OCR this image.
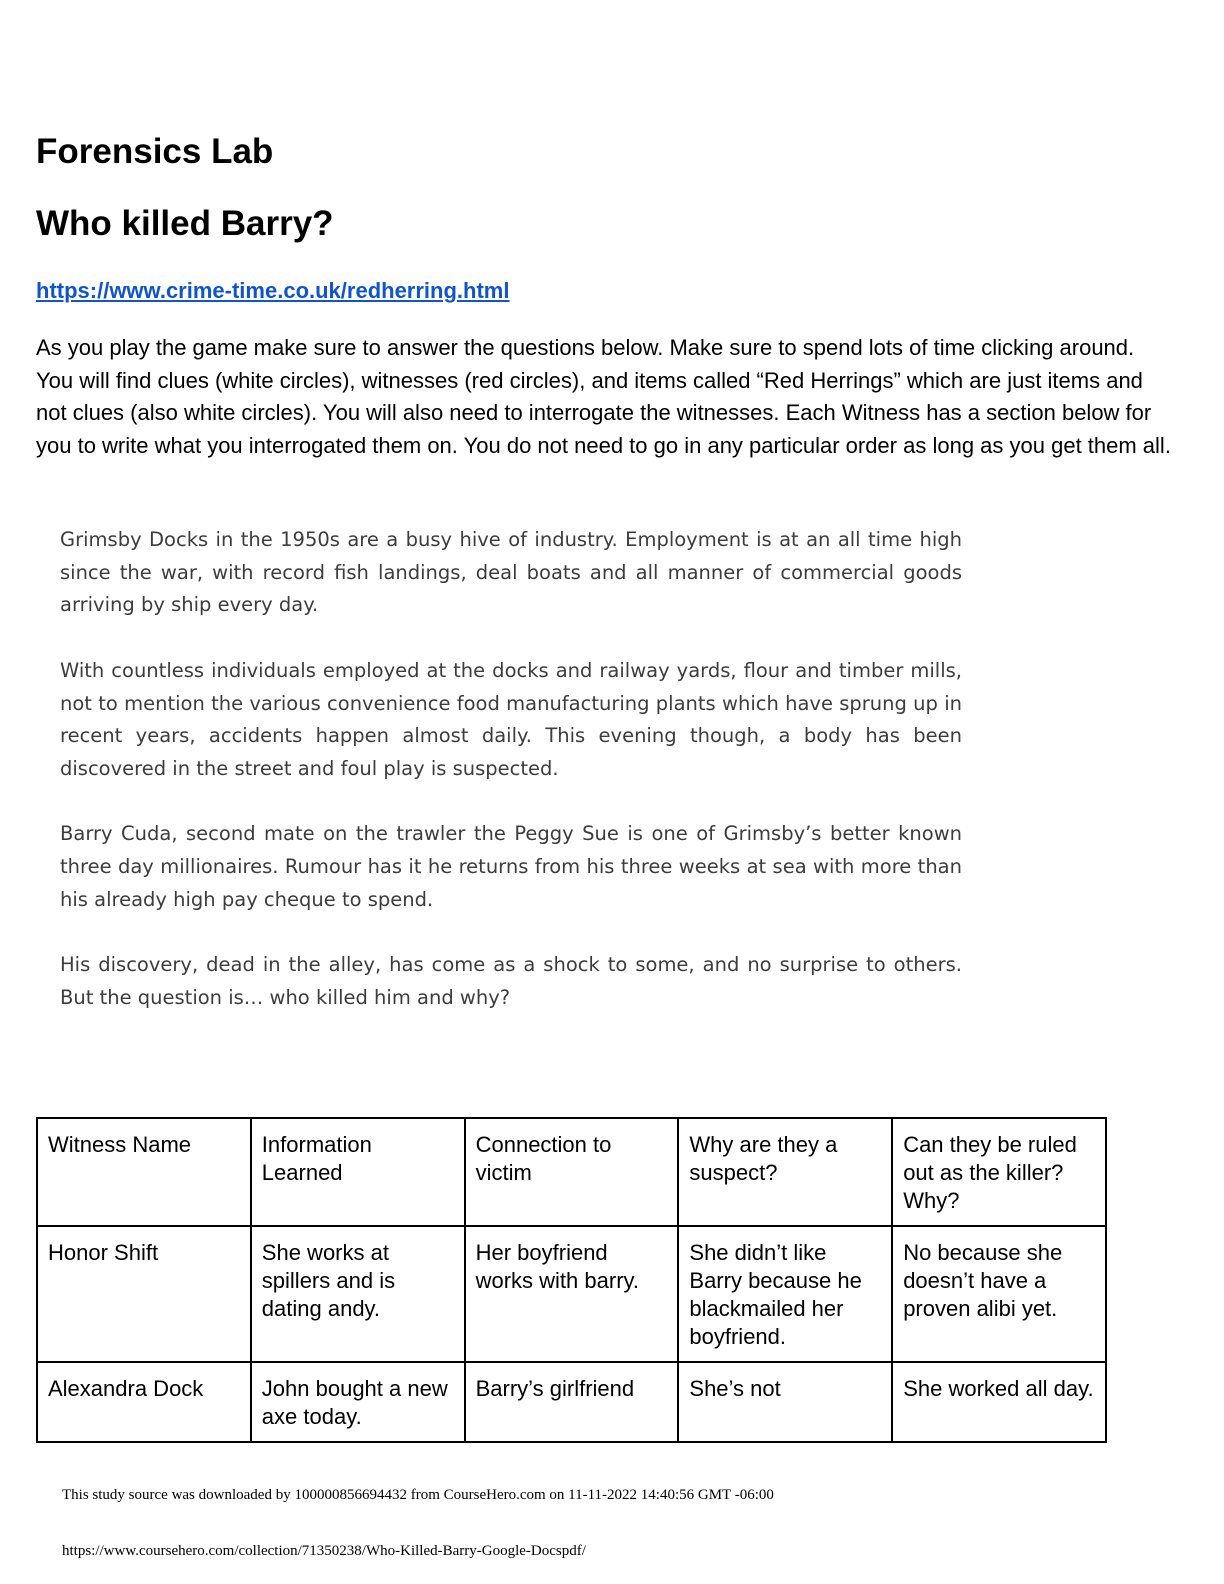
Forensics Lab
Who killed Barry?
https://www.crime-time.co.uk/redherring.html

As you play the game make sure to answer the questions below. Make sure to spend lots of time clicking around. You will find clues (white circles), witnesses (red circles), and items called “Red Herrings” which are just items and not clues (also white circles). You will also need to interrogate the witnesses. Each Witness has a section below for you to write what you interrogated them on. You do not need to go in any particular order as long as you get them all.

Grimsby Docks in the 1950s are a busy hive of industry. Employment is at an all time high since the war, with record fish landings, deal boats and all manner of commercial goods arriving by ship every day.

With countless individuals employed at the docks and railway yards, flour and timber mills, not to mention the various convenience food manufacturing plants which have sprung up in recent years, accidents happen almost daily. This evening though, a body has been discovered in the street and foul play is suspected.

Barry Cuda, second mate on the trawler the Peggy Sue is one of Grimsby’s better known three day millionaires. Rumour has it he returns from his three weeks at sea with more than his already high pay cheque to spend.

His discovery, dead in the alley, has come as a shock to some, and no surprise to others. But the question is… who killed him and why?

Witness Name	Information Learned	Connection to victim	Why are they a suspect?	Can they be ruled out as the killer? Why?
Honor Shift	She works at spillers and is dating andy.	Her boyfriend works with barry.	She didn’t like Barry because he blackmailed her boyfriend.	No because she doesn’t have a proven alibi yet.
Alexandra Dock	John bought a new axe today.	Barry’s girlfriend	She’s not	She worked all day.
This study source was downloaded by 100000856694432 from CourseHero.com on 11-11-2022 14:40:56 GMT -06:00
https://www.coursehero.com/collection/71350238/Who-Killed-Barry-Google-Docspdf/
